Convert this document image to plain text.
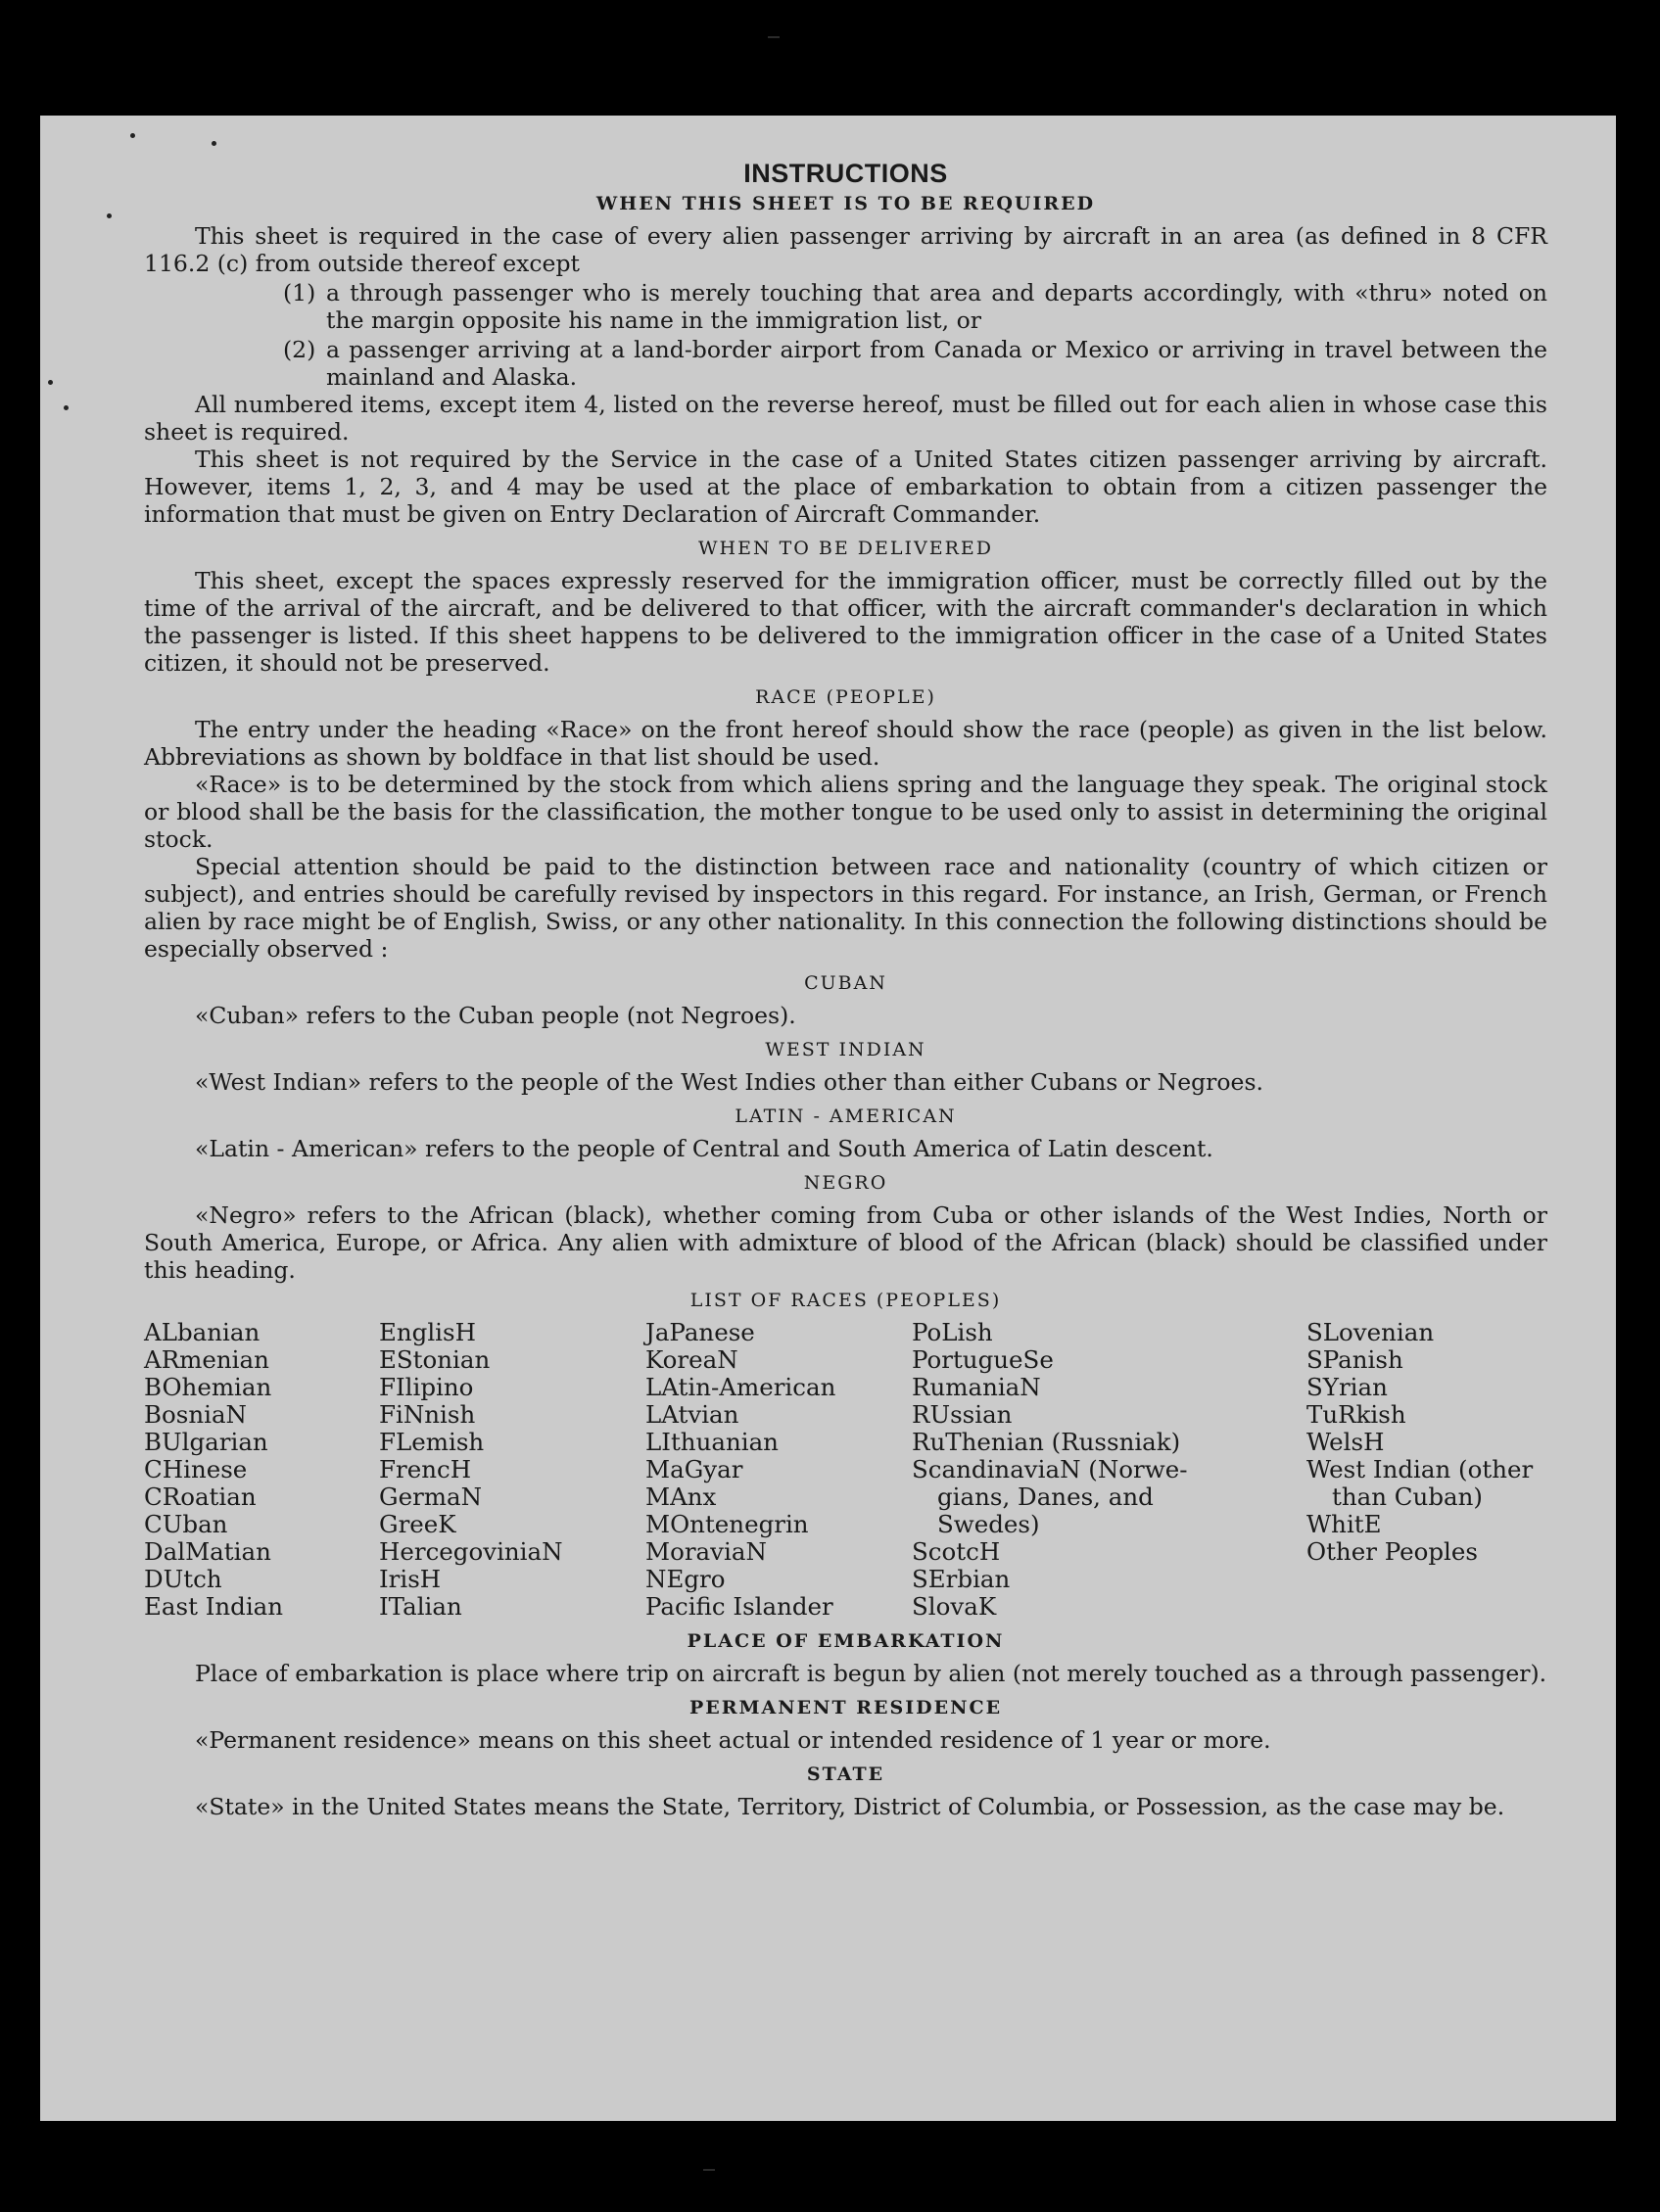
INSTRUCTIONS
WHEN THIS SHEET IS TO BE REQUIRED

This sheet is required in the case of every alien passenger arriving by aircraft in an area (as defined in 8 CFR 116.2 (c) from outside thereof except

(1) a through passenger who is merely touching that area and departs accordingly, with «thru» noted on the margin opposite his name in the immigration list, or
(2) a passenger arriving at a land-border airport from Canada or Mexico or arriving in travel between the mainland and Alaska.

All numbered items, except item 4, listed on the reverse hereof, must be filled out for each alien in whose case this sheet is required.

This sheet is not required by the Service in the case of a United States citizen passenger arriving by aircraft. However, items 1, 2, 3, and 4 may be used at the place of embarkation to obtain from a citizen passenger the information that must be given on Entry Declaration of Aircraft Commander.

WHEN TO BE DELIVERED

This sheet, except the spaces expressly reserved for the immigration officer, must be correctly filled out by the time of the arrival of the aircraft, and be delivered to that officer, with the aircraft commander's declaration in which the passenger is listed. If this sheet happens to be delivered to the immigration officer in the case of a United States citizen, it should not be preserved.

RACE (PEOPLE)

The entry under the heading «Race» on the front hereof should show the race (people) as given in the list below. Abbreviations as shown by boldface in that list should be used.

«Race» is to be determined by the stock from which aliens spring and the language they speak. The original stock or blood shall be the basis for the classification, the mother tongue to be used only to assist in determining the original stock.

Special attention should be paid to the distinction between race and nationality (country of which citizen or subject), and entries should be carefully revised by inspectors in this regard. For instance, an Irish, German, or French alien by race might be of English, Swiss, or any other nationality. In this connection the following distinctions should be especially observed :

CUBAN

«Cuban» refers to the Cuban people (not Negroes).

WEST INDIAN

«West Indian» refers to the people of the West Indies other than either Cubans or Negroes.

LATIN - AMERICAN

«Latin - American» refers to the people of Central and South America of Latin descent.

NEGRO

«Negro» refers to the African (black), whether coming from Cuba or other islands of the West Indies, North or South America, Europe, or Africa. Any alien with admixture of blood of the African (black) should be classified under this heading.

LIST OF RACES (PEOPLES)
ALbanian
ARmenian
BOhemian
BosniaN
BUlgarian
CHinese
CRoatian
CUban
DalMatian
DUtch
East Indian
EnglisH
EStonian
FIlipino
FiNnish
FLemish
FrencH
GermaN
GreeK
HercegoviniaN
IrisH
ITalian
JaPanese
KoreaN
LAtin-American
LAtvian
LIthuanian
MaGyar
MAnx
MOntenegrin
MoraviaN
NEgro
Pacific Islander
PoLish
PortugueSe
RumaniaN
RUssian
RuThenian (Russniak)
ScandinaviaN (Norwe-
gians, Danes, and
Swedes)
ScotcH
SErbian
SlovaK
SLovenian
SPanish
SYrian
TuRkish
WelsH
West Indian (other
than Cuban)
WhitE
Other Peoples
PLACE OF EMBARKATION

Place of embarkation is place where trip on aircraft is begun by alien (not merely touched as a through passenger).

PERMANENT RESIDENCE

«Permanent residence» means on this sheet actual or intended residence of 1 year or more.

STATE

«State» in the United States means the State, Territory, District of Columbia, or Possession, as the case may be.
